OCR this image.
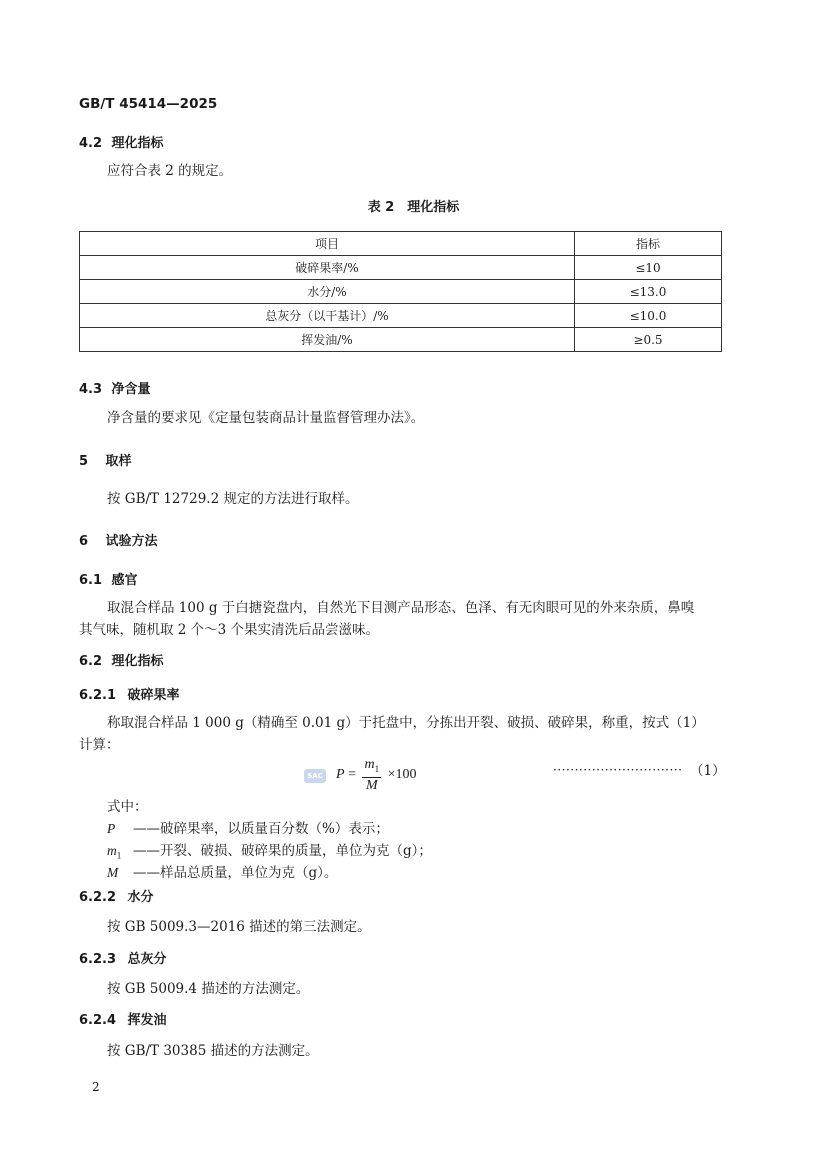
GB/T 45414—2025
4.2 理化指标
应符合表 2 的规定。
表 2　理化指标
项目	指标
破碎果率/%	≤10
水分/%	≤13.0
总灰分（以干基计）/%	≤10.0
挥发油/%	≥0.5
4.3 净含量
净含量的要求见《定量包装商品计量监督管理办法》。
5 取样
按 GB/T 12729.2 规定的方法进行取样。
6 试验方法
6.1 感官
取混合样品 100 g 于白搪瓷盘内，自然光下目测产品形态、色泽、有无肉眼可见的外来杂质，鼻嗅
其气味，随机取 2 个～3 个果实清洗后品尝滋味。
6.2 理化指标
6.2.1 破碎果率
称取混合样品 1 000 g（精确至 0.01 g）于托盘中，分拣出开裂、破损、破碎果，称重，按式（1）
计算：
SAC $P = \frac{m_1}{M} \times 100$	······························ （1）
式中：
P ——破碎果率，以质量百分数（%）表示；
$m_1$ ——开裂、破损、破碎果的质量，单位为克（g）；
M ——样品总质量，单位为克（g）。
6.2.2 水分
按 GB 5009.3—2016 描述的第三法测定。
6.2.3 总灰分
按 GB 5009.4 描述的方法测定。
6.2.4 挥发油
按 GB/T 30385 描述的方法测定。
2
